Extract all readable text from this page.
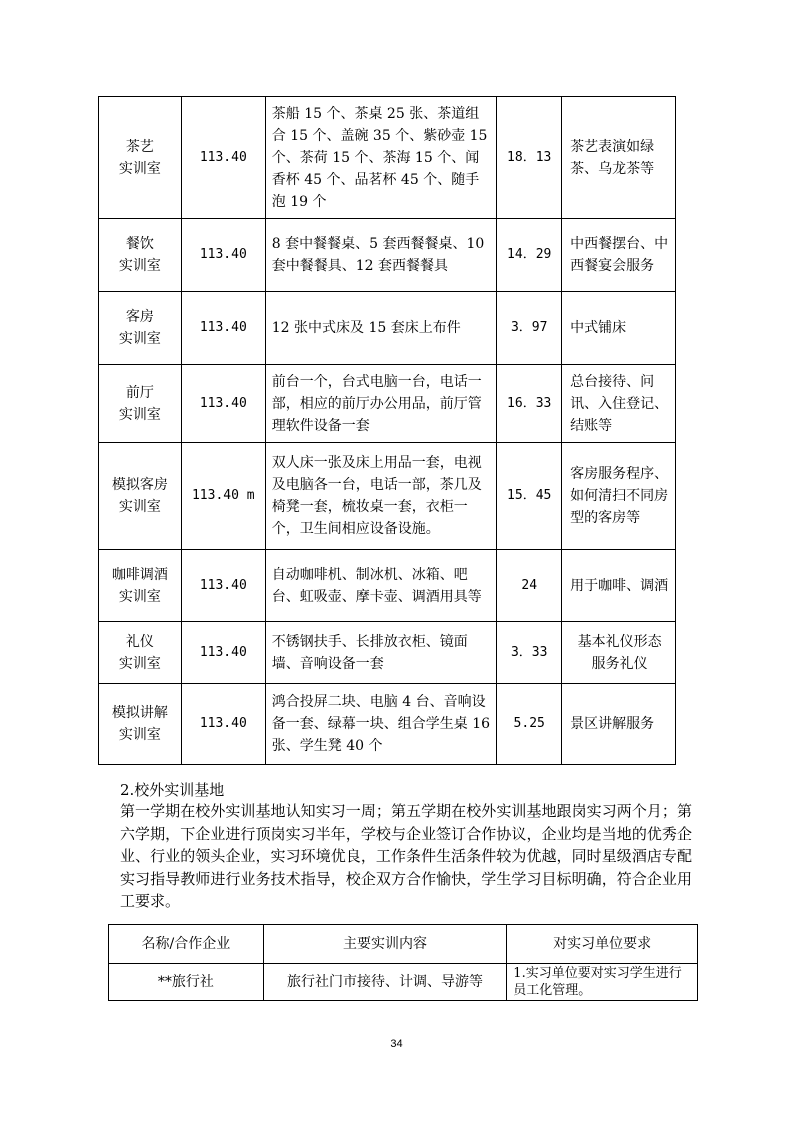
茶艺
实训室	113.40	茶船 15 个、茶桌 25 张、茶道组合 15 个、盖碗 35 个、紫砂壶 15 个、茶荷 15 个、茶海 15 个、闻香杯 45 个、品茗杯 45 个、随手泡 19 个	18．13	茶艺表演如绿茶、乌龙茶等
餐饮
实训室	113.40	8 套中餐餐桌、5 套西餐餐桌、10 套中餐餐具、12 套西餐餐具	14．29	中西餐摆台、中西餐宴会服务
客房
实训室	113.40	12 张中式床及 15 套床上布件	3．97	中式铺床
前厅
实训室	113.40	前台一个，台式电脑一台，电话一部，相应的前厅办公用品，前厅管理软件设备一套	16．33	总台接待、问讯、入住登记、结账等
模拟客房
实训室	113.40 m	双人床一张及床上用品一套，电视及电脑各一台，电话一部，茶几及椅凳一套，梳妆桌一套，衣柜一个，卫生间相应设备设施。	15．45	客房服务程序、如何清扫不同房型的客房等
咖啡调酒
实训室	113.40	自动咖啡机、制冰机、冰箱、吧台、虹吸壶、摩卡壶、调酒用具等	24	用于咖啡、调酒
礼仪
实训室	113.40	不锈钢扶手、长排放衣柜、镜面墙、音响设备一套	3．33	基本礼仪形态
服务礼仪
模拟讲解
实训室	113.40	鸿合投屏二块、电脑 4 台、音响设备一套、绿幕一块、组合学生桌 16 张、学生凳 40 个	5.25	景区讲解服务
2.校外实训基地

第一学期在校外实训基地认知实习一周；第五学期在校外实训基地跟岗实习两个月；第六学期，下企业进行顶岗实习半年，学校与企业签订合作协议，企业均是当地的优秀企业、行业的领头企业，实习环境优良，工作条件生活条件较为优越，同时星级酒店专配实习指导教师进行业务技术指导，校企双方合作愉快，学生学习目标明确，符合企业用工要求。

名称/合作企业	主要实训内容	对实习单位要求
**旅行社	旅行社门市接待、计调、导游等	1.实习单位要对实习学生进行员工化管理。
34
